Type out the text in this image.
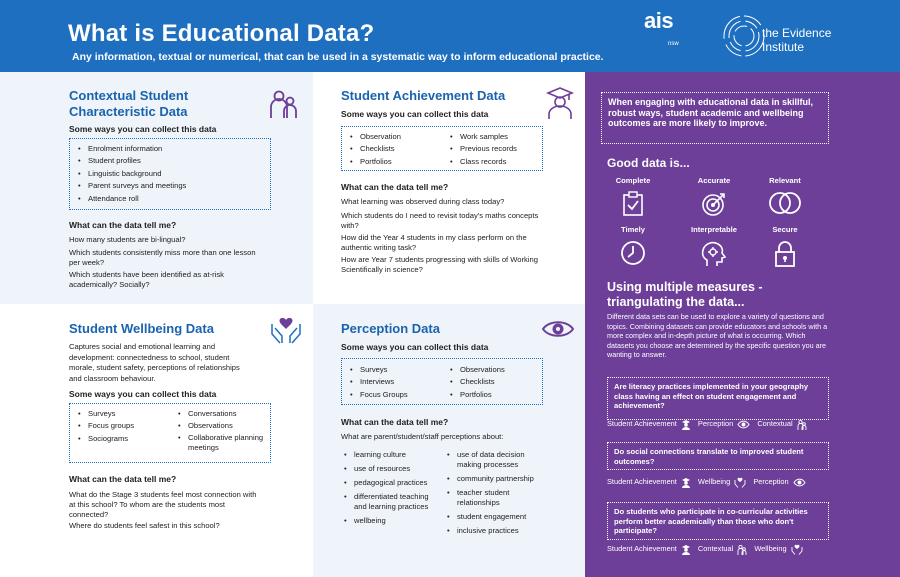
What is Educational Data?
Any information, textual or numerical, that can be used in a systematic way to inform educational practice.
ais
nsw
the Evidence
Institute
Contextual Student Characteristic Data
Some ways you can collect this data
• Enrolment information
• Student profiles
• Linguistic background
• Parent surveys and meetings
• Attendance roll
What can the data tell me?
How many students are bi-lingual?
Which students consistently miss more than one lesson per week?
Which students have been identified as at-risk academically? Socially?
Student Achievement Data
Some ways you can collect this data
• Observation
• Checklists
• Portfolios
• Work samples
• Previous records
• Class records
What can the data tell me?
What learning was observed during class today?
Which students do I need to revisit today's maths concepts with?
How did the Year 4 students in my class perform on the authentic writing task?
How are Year 7 students progressing with skills of Working Scientifically in science?
Student Wellbeing Data
Captures social and emotional learning and development: connectedness to school, student morale, student safety, perceptions of relationships and classroom behaviour.
Some ways you can collect this data
• Surveys
• Focus groups
• Sociograms
• Conversations
• Observations
• Collaborative planning meetings
What can the data tell me?
What do the Stage 3 students feel most connection with at this school? To whom are the students most connected?
Where do students feel safest in this school?
Perception Data
Some ways you can collect this data
• Surveys
• Interviews
• Focus Groups
• Observations
• Checklists
• Portfolios
What can the data tell me?
What are parent/student/staff perceptions about:
• learning culture
• use of resources
• pedagogical practices
• differentiated teaching and learning practices
• wellbeing
• use of data decision making processes
• community partnership
• teacher student relationships
• student engagement
• inclusive practices
When engaging with educational data in skillful, robust ways, student academic and wellbeing outcomes are more likely to improve.
Good data is...
Complete	Accurate	Relevant
Timely	Interpretable	Secure
Using multiple measures -
triangulating the data...
Different data sets can be used to explore a variety of questions and topics. Combining datasets can provide educators and schools with a more complex and in-depth picture of what is occurring. Which datasets you choose are determined by the specific question you are wanting to answer.
Are literacy practices implemented in your geography class having an effect on student engagement and achievement?
Student Achievement	Perception	Contextual
Do social connections translate to improved student outcomes?
Student Achievement	Wellbeing	Perception
Do students who participate in co-curricular activities perform better academically than those who don't participate?
Student Achievement	Contextual	Wellbeing
